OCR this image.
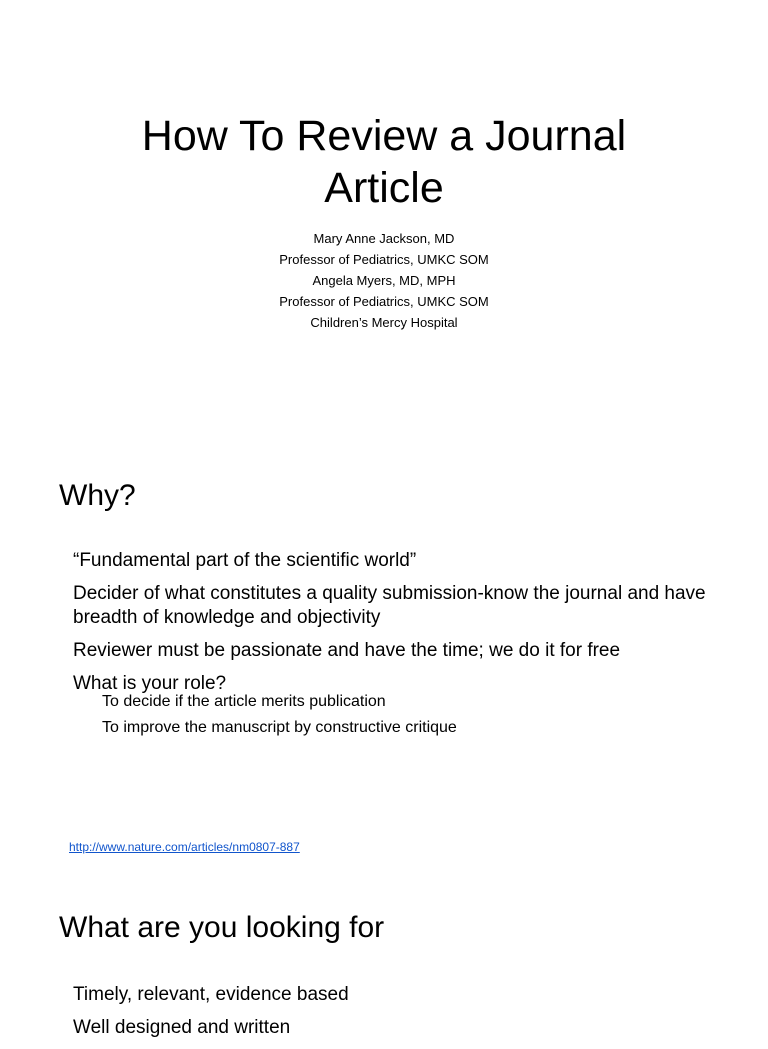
How To Review a Journal Article
Mary Anne Jackson, MD
Professor of Pediatrics, UMKC SOM
Angela Myers, MD, MPH
Professor of Pediatrics, UMKC SOM
Children’s Mercy Hospital
Why?
“Fundamental part of the scientific world”
Decider of what constitutes a quality submission-know the journal and have breadth of knowledge and objectivity
Reviewer must be passionate and have the time; we do it for free
What is your role?
To decide if the article merits publication
To improve the manuscript by constructive critique
http://www.nature.com/articles/nm0807-887
What are you looking for
Timely, relevant, evidence based
Well designed and written
